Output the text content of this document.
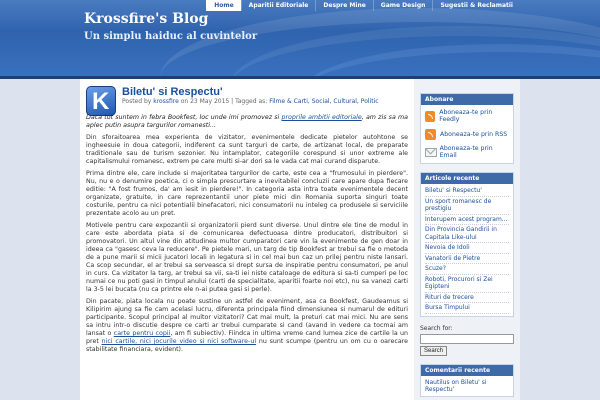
Krossfire's Blog
Un simplu haiduc al cuvintelor
Home	Aparitii Editoriale	Despre Mine	Game Design	Sugestii & Reclamatii
K Biletu' si Respectu'
Posted by krossfire on 23 May 2015 | Tagged as: Filme & Carti, Social, Cultural, Politic

Daca tot suntem in febra Bookfest, loc unde imi promovez si proprile ambitii editoriale, am zis sa ma aplec putin asupra targurilor romanesti...

Din sforaitoarea mea experienta de vizitator, evenimentele dedicate pietelor autohtone se ingheesuie in doua categorii, indiferent ca sunt targuri de carte, de artizanat local, de preparate traditionale sau de turism sezonier. Nu intamplator, categoriile corespund si unor extreme ale capitalismului romanesc, extrem pe care multi si-ar dori sa le vada cat mai curand disparute.

Prima dintre ele, care include si majoritatea targurilor de carte, este cea a "frumosului in pierdere". Nu, nu e o denumire poetica, ci o simpla prescurtare a inevitabilei concluzii care apare dupa fiecare editie: "A fost frumos, da' am iesit in pierdere!". In categoria asta intra toate evenimentele decent organizate, gratuite, in care reprezentantii unor piete mici din Romania suporta singuri toate costurile, pentru ca nici potentialii binefacatori, nici consumatorii nu inteleg ca produsele si serviciile prezentate acolo au un pret.

Motivele pentru care expozantii si organizatorii pierd sunt diverse. Unul dintre ele tine de modul in care este abordata piata si de comunicarea defectuoasa dintre producatori, distribuitori si promovatori. Un altul vine din atitudinea multor cumparatori care vin la evenimente de gen doar in ideea ca "gasesc ceva la reducere". Pe pietele mari, un targ de tip Bookfest ar trebui sa fie o metoda de a pune marii si micii jucatori locali in legatura si in cel mai bun caz un prilej pentru niste lansari. Ca scop secundar, el ar trebui sa serveasca si drept sursa de inspiratie pentru consumatori, pe anul in curs. Ca vizitator la targ, ar trebui sa vii, sa-ti iei niste cataloage de editura si sa-ti cumperi pe loc numai ce nu poti gasi in timpul anului (carti de specialitate, aparitii foarte noi etc), nu sa vanezi carti la 3-5 lei bucata (nu ca printre ele n-ai putea gasi si perle).

Din pacate, piata locala nu poate sustine un astfel de eveniment, asa ca Bookfest, Gaudeamus si Kilipirim ajung sa fie cam acelasi lucru, diferenta principala fiind dimensiunea si numarul de edituri participante. Scopul principal al multor vizitatori? Cat mai mult, la preturi cat mai mici. Nu are sens sa intru intr-o discutie despre ce carti ar trebui cumparate si cand (avand in vedere ca tocmai am lansat o carte pentru copii, am fi subiectiv). Fiindca in ultima vreme cand lumea zice de cartile la un pret nici cartile, nici jocurile video si nici software-ul nu sunt scumpe (pentru un om cu o oarecare stabilitate financiara, evident).

Abonare
Aboneaza-te prin Feedly
Aboneaza-te prin RSS
Aboneaza-te prin Email
Articole recente
Biletu' si Respectu'
Un sport romanesc de prestigiu
Interupem acest program...
Din Provincia Gandirii in Capitala Like-ului
Nevoia de Idoli
Vanatorii de Pietre
Scuze?
Roboti, Procurori si Zei Egipteni
Rituri de trecere
Bursa Timpului
Search for:
Search
Comentarii recente
Nautilus on Biletu' si Respectu'
